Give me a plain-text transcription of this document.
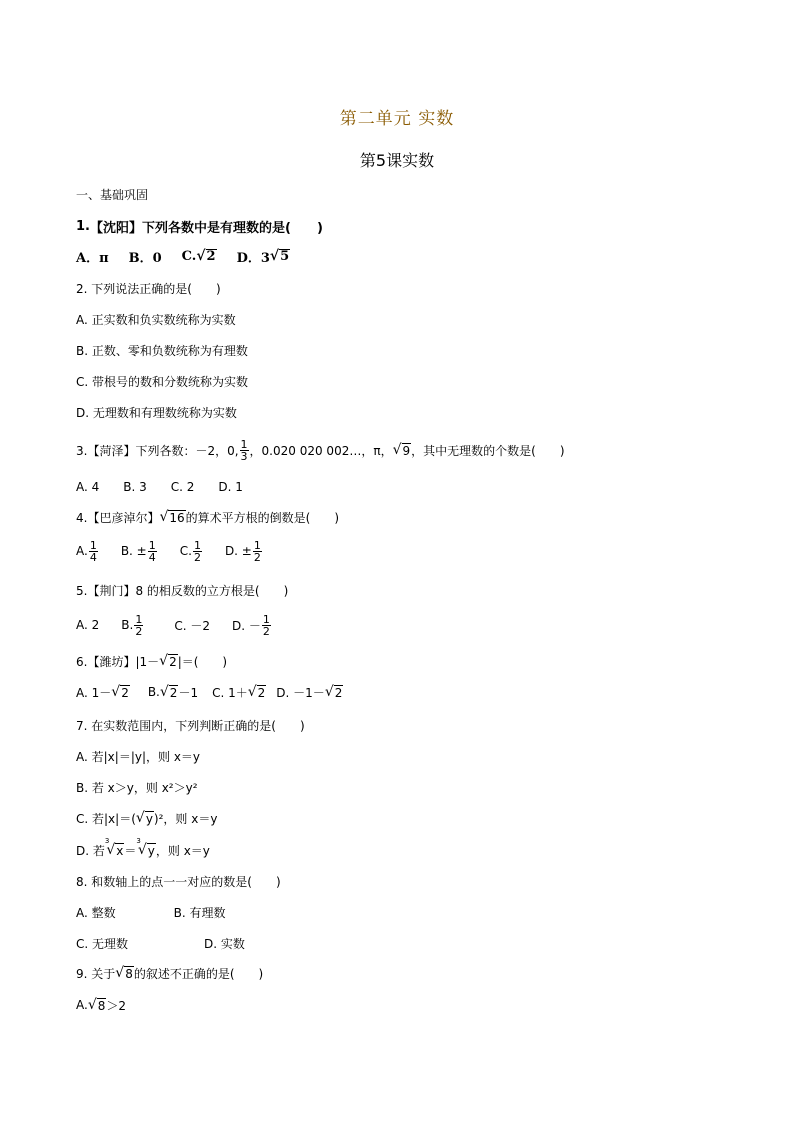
第二单元 实数
第5课实数
一、基础巩固
1. 【沈阳】 下列各数中是有理数的是(　　)
A．π B．0 C. √ 2 D．3 √ 5
2. 下列说法正确的是(　　)
A. 正实数和负实数统称为实数
B. 正数、零和负数统称为有理数
C. 带根号的数和分数统称为实数
D. 无理数和有理数统称为实数
3.【菏泽】下列各数：－2，0, $\frac{1}{3}$ ，0.020 020 002…，π， √ 9 ，其中无理数的个数是(　　)
A. 4　　B. 3　　C. 2　　D. 1
4.【巴彦淖尔】 √ 16 的算术平方根的倒数是(　　)
A. $\frac{1}{4} B$. ± $\frac{1}{4} C$. $\frac{1}{2} D$. ± $\frac{1}{2}$
5.【荆门】8 的相反数的立方根是(　　)
A. 2 B. $\frac{1}{2}$	C. －2 D. － $\frac{1}{2}$
6.【潍坊】|1－ √ 2 |＝(　　)
A. 1－ √ 2 B. √ 2 －1 C. 1＋ √ 2 D. －1－ √ 2
7. 在实数范围内，下列判断正确的是(　　)
A. 若|x|＝|y|，则 x＝y
B. 若 x＞y，则 x²＞y²
C. 若|x|＝( √ y )²，则 x＝y
D. 若
3
√ x ＝
3
√ y ，则 x＝y
8. 和数轴上的点一一对应的数是(　　)
A. 整数	B. 有理数
C. 无理数	D. 实数
9. 关于 √ 8 的叙述不正确的是(　　)
A. √ 8 ＞2
